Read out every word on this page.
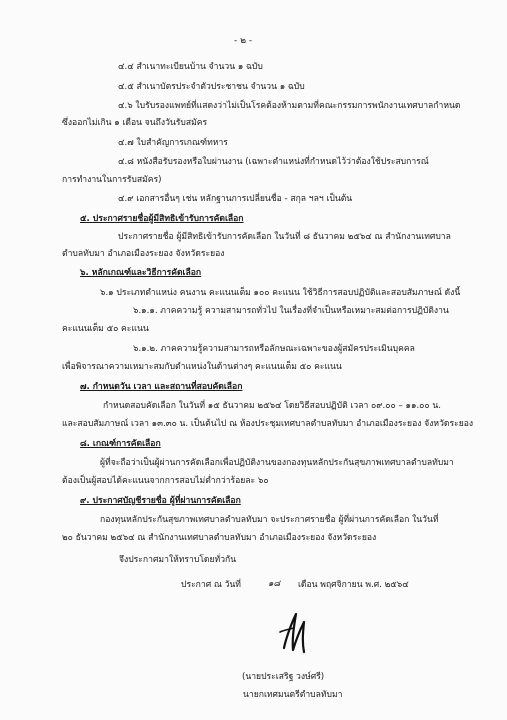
- ๒ -
๔.๔ สำเนาทะเบียนบ้าน จำนวน ๑ ฉบับ
๔.๕ สำเนาบัตรประจำตัวประชาชน จำนวน ๑ ฉบับ
๔.๖ ใบรับรองแพทย์ที่แสดงว่าไม่เป็นโรคต้องห้ามตามที่คณะกรรมการพนักงานเทศบาลกำหนด
ซึ่งออกไม่เกิน ๑ เดือน จนถึงวันรับสมัคร
๔.๗ ใบสำคัญการเกณฑ์ทหาร
๔.๘ หนังสือรับรองหรือใบผ่านงาน (เฉพาะตำแหน่งที่กำหนดไว้ว่าต้องใช้ประสบการณ์
การทำงานในการรับสมัคร)
๔.๙ เอกสารอื่นๆ เช่น หลักฐานการเปลี่ยนชื่อ - สกุล ฯลฯ เป็นต้น
๕. ประกาศรายชื่อผู้มีสิทธิเข้ารับการคัดเลือก
ประกาศรายชื่อ ผู้มีสิทธิเข้ารับการคัดเลือก ในวันที่ ๘ ธันวาคม ๒๕๖๔ ณ สำนักงานเทศบาล
ตำบลทับมา อำเภอเมืองระยอง จังหวัดระยอง
๖. หลักเกณฑ์และวิธีการคัดเลือก
๖.๑ ประเภทตำแหน่ง คนงาน คะแนนเต็ม ๑๐๐ คะแนน ใช้วิธีการสอบปฏิบัติและสอบสัมภาษณ์ ดังนี้
๖.๑.๑. ภาคความรู้ ความสามารถทั่วไป ในเรื่องที่จำเป็นหรือเหมาะสมต่อการปฏิบัติงาน
คะแนนเต็ม ๕๐ คะแนน
๖.๑.๒. ภาคความรู้ความสามารถหรือลักษณะเฉพาะของผู้สมัครประเมินบุคคล
เพื่อพิจารณาความเหมาะสมกับตำแหน่งในด้านต่างๆ คะแนนเต็ม ๕๐ คะแนน
๗. กำหนดวัน เวลา และสถานที่สอบคัดเลือก
กำหนดสอบคัดเลือก ในวันที่ ๑๕ ธันวาคม ๒๕๖๔ โดยวิธีสอบปฏิบัติ เวลา ๐๙.๐๐ – ๑๑.๐๐ น.
และสอบสัมภาษณ์ เวลา ๑๓.๓๐ น. เป็นต้นไป ณ ห้องประชุมเทศบาลตำบลทับมา อำเภอเมืองระยอง จังหวัดระยอง
๘. เกณฑ์การคัดเลือก
ผู้ที่จะถือว่าเป็นผู้ผ่านการคัดเลือกเพื่อปฏิบัติงานของกองทุนหลักประกันสุขภาพเทศบาลตำบลทับมา
ต้องเป็นผู้สอบได้คะแนนจากการสอบไม่ต่ำกว่าร้อยละ ๖๐
๙. ประกาศบัญชีรายชื่อ ผู้ที่ผ่านการคัดเลือก
กองทุนหลักประกันสุขภาพเทศบาลตำบลทับมา จะประกาศรายชื่อ ผู้ที่ผ่านการคัดเลือก ในวันที่
๒๐ ธันวาคม ๒๕๖๔ ณ สำนักงานเทศบาลตำบลทับมา อำเภอเมืองระยอง จังหวัดระยอง
จึงประกาศมาให้ทราบโดยทั่วกัน
ประกาศ ณ วันที่	๑๘ เดือน พฤศจิกายน พ.ศ. ๒๕๖๔
(นายประเสริฐ วงษ์ศรี)
นายกเทศมนตรีตำบลทับมา
